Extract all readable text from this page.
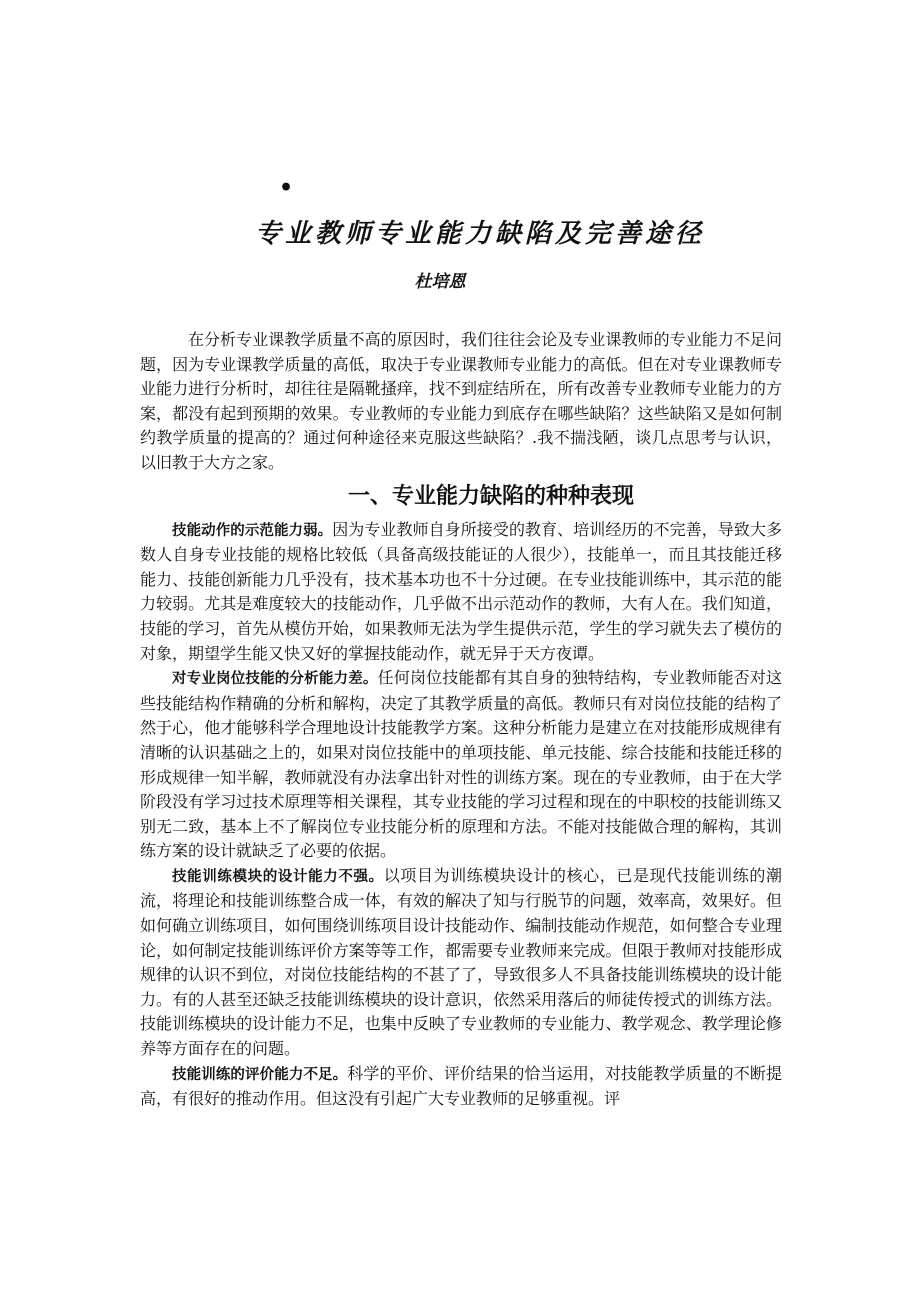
•
专业教师专业能力缺陷及完善途径
杜培恩

在分析专业课教学质量不高的原因时，我们往往会论及专业课教师的专业能力不足问题，因为专业课教学质量的高低，取决于专业课教师专业能力的高低。但在对专业课教师专业能力进行分析时，却往往是隔靴搔痒，找不到症结所在，所有改善专业教师专业能力的方案，都没有起到预期的效果。专业教师的专业能力到底存在哪些缺陷？这些缺陷又是如何制约教学质量的提高的？通过何种途径来克服这些缺陷？.我不揣浅陋，谈几点思考与认识，以旧教于大方之家。

一、专业能力缺陷的种种表现

技能动作的示范能力弱。因为专业教师自身所接受的教育、培训经历的不完善，导致大多数人自身专业技能的规格比较低（具备高级技能证的人很少），技能单一，而且其技能迁移能力、技能创新能力几乎没有，技术基本功也不十分过硬。在专业技能训练中，其示范的能力较弱。尤其是难度较大的技能动作，几乎做不出示范动作的教师，大有人在。我们知道，技能的学习，首先从模仿开始，如果教师无法为学生提供示范，学生的学习就失去了模仿的对象，期望学生能又快又好的掌握技能动作，就无异于天方夜谭。

对专业岗位技能的分析能力差。任何岗位技能都有其自身的独特结构，专业教师能否对这些技能结构作精确的分析和解构，决定了其教学质量的高低。教师只有对岗位技能的结构了然于心，他才能够科学合理地设计技能教学方案。这种分析能力是建立在对技能形成规律有清晰的认识基础之上的，如果对岗位技能中的单项技能、单元技能、综合技能和技能迁移的形成规律一知半解，教师就没有办法拿出针对性的训练方案。现在的专业教师，由于在大学阶段没有学习过技术原理等相关课程，其专业技能的学习过程和现在的中职校的技能训练又别无二致，基本上不了解岗位专业技能分析的原理和方法。不能对技能做合理的解构，其训练方案的设计就缺乏了必要的依据。

技能训练模块的设计能力不强。以项目为训练模块设计的核心，已是现代技能训练的潮流，将理论和技能训练整合成一体，有效的解决了知与行脱节的问题，效率高，效果好。但如何确立训练项目，如何围绕训练项目设计技能动作、编制技能动作规范，如何整合专业理论，如何制定技能训练评价方案等等工作，都需要专业教师来完成。但限于教师对技能形成规律的认识不到位，对岗位技能结构的不甚了了，导致很多人不具备技能训练模块的设计能力。有的人甚至还缺乏技能训练模块的设计意识，依然采用落后的师徒传授式的训练方法。技能训练模块的设计能力不足，也集中反映了专业教师的专业能力、教学观念、教学理论修养等方面存在的问题。

技能训练的评价能力不足。科学的平价、评价结果的恰当运用，对技能教学质量的不断提高，有很好的推动作用。但这没有引起广大专业教师的足够重视。评
